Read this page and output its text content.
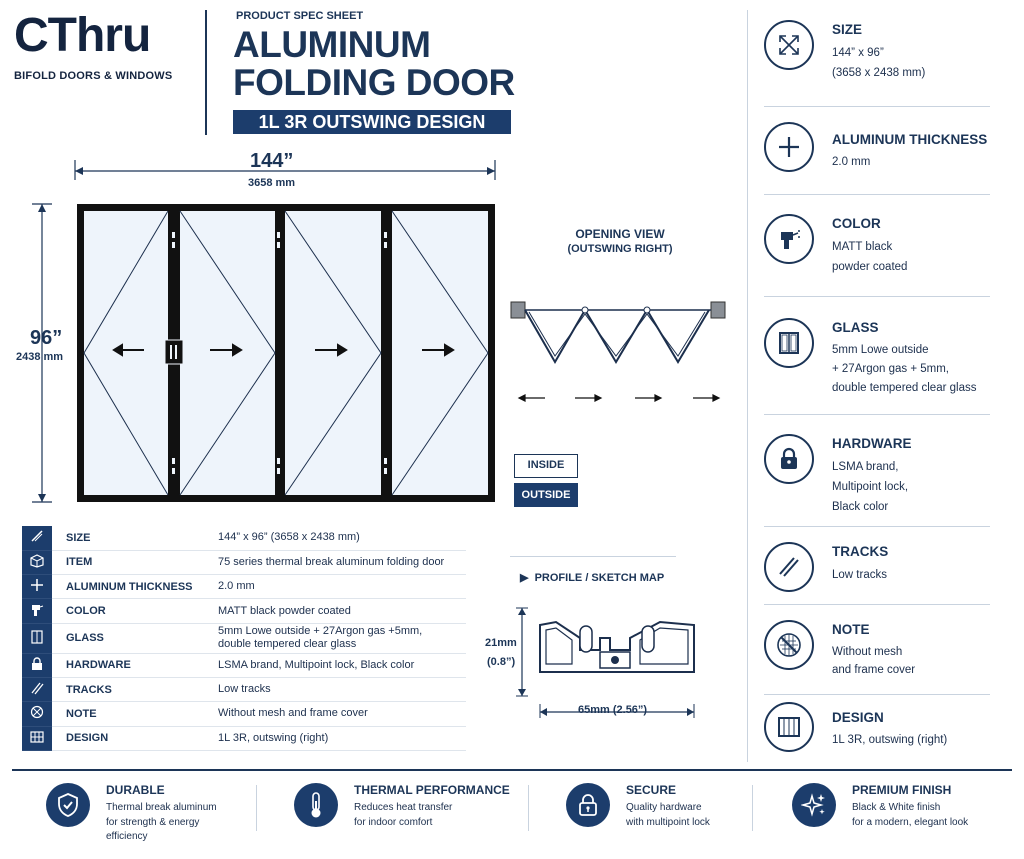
CThru
BIFOLD DOORS & WINDOWS
PRODUCT SPEC SHEET
ALUMINUM
FOLDING DOOR
1L 3R OUTSWING DESIGN
144”
3658 mm
96”
2438 mm
OPENING VIEW
(OUTSWING RIGHT)
INSIDE
OUTSIDE
	SIZE	144” x 96” (3658 x 2438 mm)
	ITEM	75 series thermal break aluminum folding door
	ALUMINUM THICKNESS	2.0 mm
	COLOR	MATT black powder coated
	GLASS	5mm Lowe outside + 27Argon gas +5mm,
double tempered clear glass

	HARDWARE	LSMA brand, Multipoint lock, Black color
	TRACKS	Low tracks
	NOTE	Without mesh and frame cover
	DESIGN	1L 3R, outswing (right)
▶ PROFILE / SKETCH MAP
21mm
(0.8”)
65mm (2.56”)
SIZE
144” x 96”
(3658 x 2438 mm)
ALUMINUM THICKNESS
2.0 mm
COLOR
MATT black
powder coated
GLASS
5mm Lowe outside
+ 27Argon gas + 5mm,
double tempered clear glass
HARDWARE
LSMA brand,
Multipoint lock,
Black color
TRACKS
Low tracks
NOTE
Without mesh
and frame cover
DESIGN
1L 3R, outswing (right)
DURABLE
Thermal break aluminum
for strength & energy
efficiency
THERMAL PERFORMANCE
Reduces heat transfer
for indoor comfort
SECURE
Quality hardware
with multipoint lock
PREMIUM FINISH
Black & White finish
for a modern, elegant look
